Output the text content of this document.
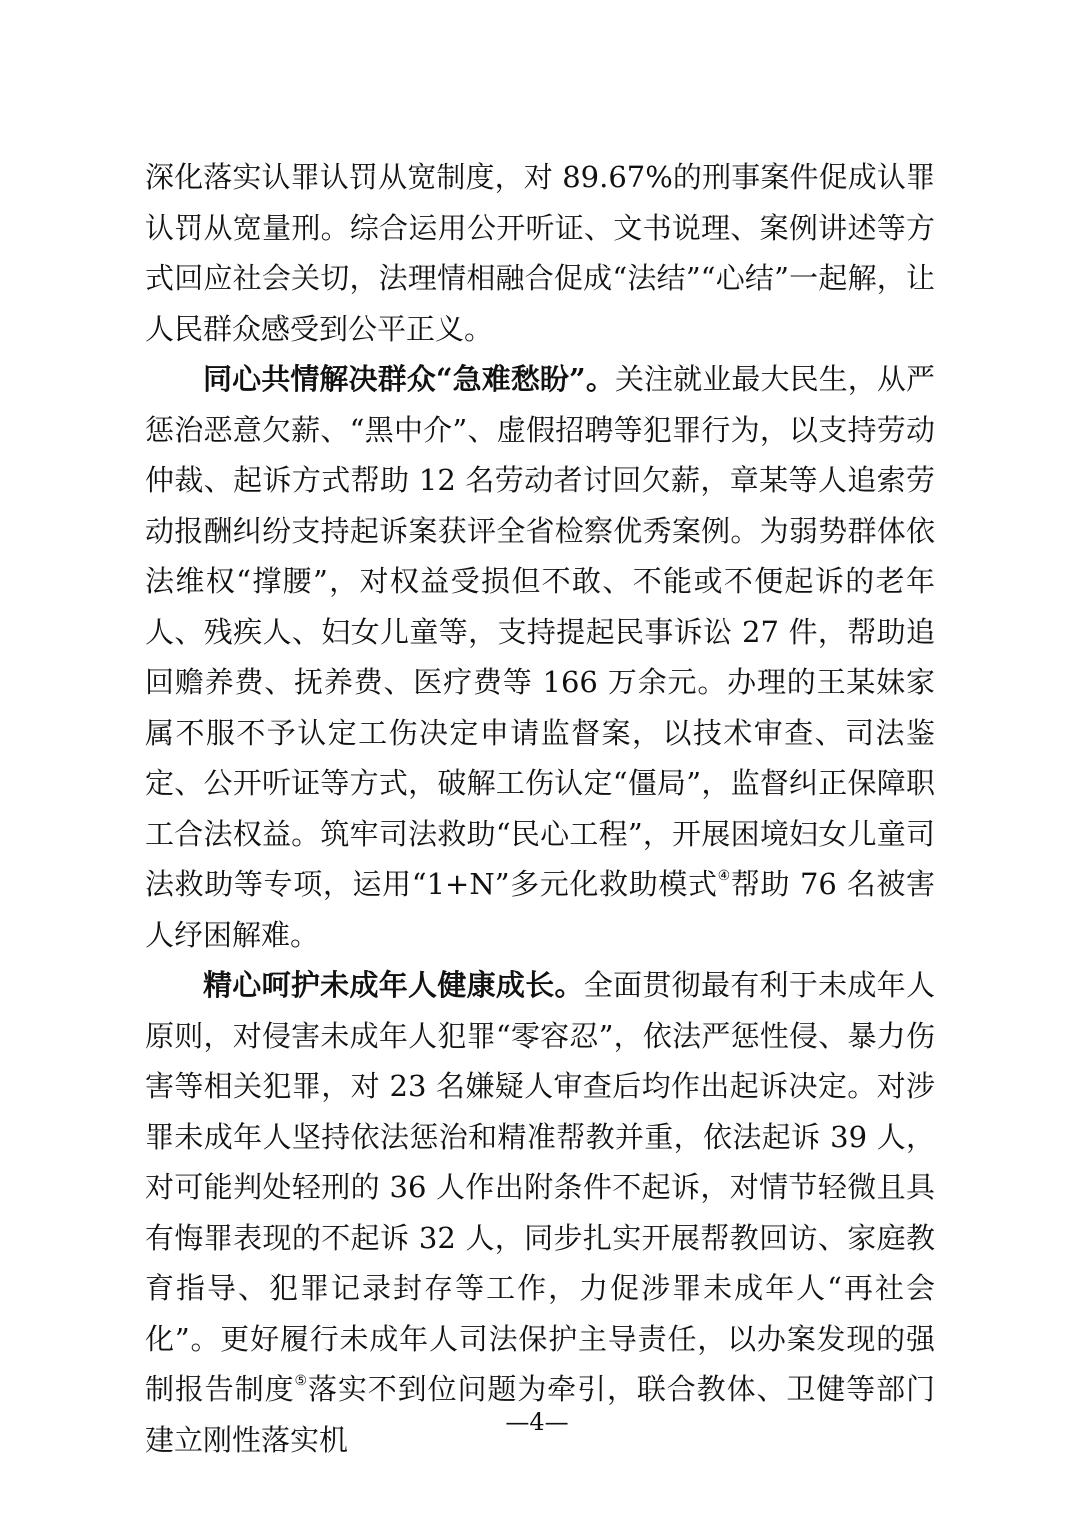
深化落实认罪认罚从宽制度，对 89.67%的刑事案件促成认罪认罚从宽量刑。综合运用公开听证、文书说理、案例讲述等方式回应社会关切，法理情相融合促成“法结”“心结”一起解，让人民群众感受到公平正义。

同心共情解决群众“急难愁盼”。关注就业最大民生，从严惩治恶意欠薪、“黑中介”、虚假招聘等犯罪行为，以支持劳动仲裁、起诉方式帮助 12 名劳动者讨回欠薪，章某等人追索劳动报酬纠纷支持起诉案获评全省检察优秀案例。为弱势群体依法维权“撑腰”，对权益受损但不敢、不能或不便起诉的老年人、残疾人、妇女儿童等，支持提起民事诉讼 27 件，帮助追回赡养费、抚养费、医疗费等 166 万余元。办理的王某妹家属不服不予认定工伤决定申请监督案，以技术审查、司法鉴定、公开听证等方式，破解工伤认定“僵局”，监督纠正保障职工合法权益。筑牢司法救助“民心工程”，开展困境妇女儿童司法救助等专项，运用“1+N”多元化救助模式④帮助 76 名被害人纾困解难。

精心呵护未成年人健康成长。全面贯彻最有利于未成年人原则，对侵害未成年人犯罪“零容忍”，依法严惩性侵、暴力伤害等相关犯罪，对 23 名嫌疑人审查后均作出起诉决定。对涉罪未成年人坚持依法惩治和精准帮教并重，依法起诉 39 人，对可能判处轻刑的 36 人作出附条件不起诉，对情节轻微且具有悔罪表现的不起诉 32 人，同步扎实开展帮教回访、家庭教育指导、犯罪记录封存等工作，力促涉罪未成年人“再社会化”。更好履行未成年人司法保护主导责任，以办案发现的强制报告制度⑤落实不到位问题为牵引，联合教体、卫健等部门建立刚性落实机

—4—
